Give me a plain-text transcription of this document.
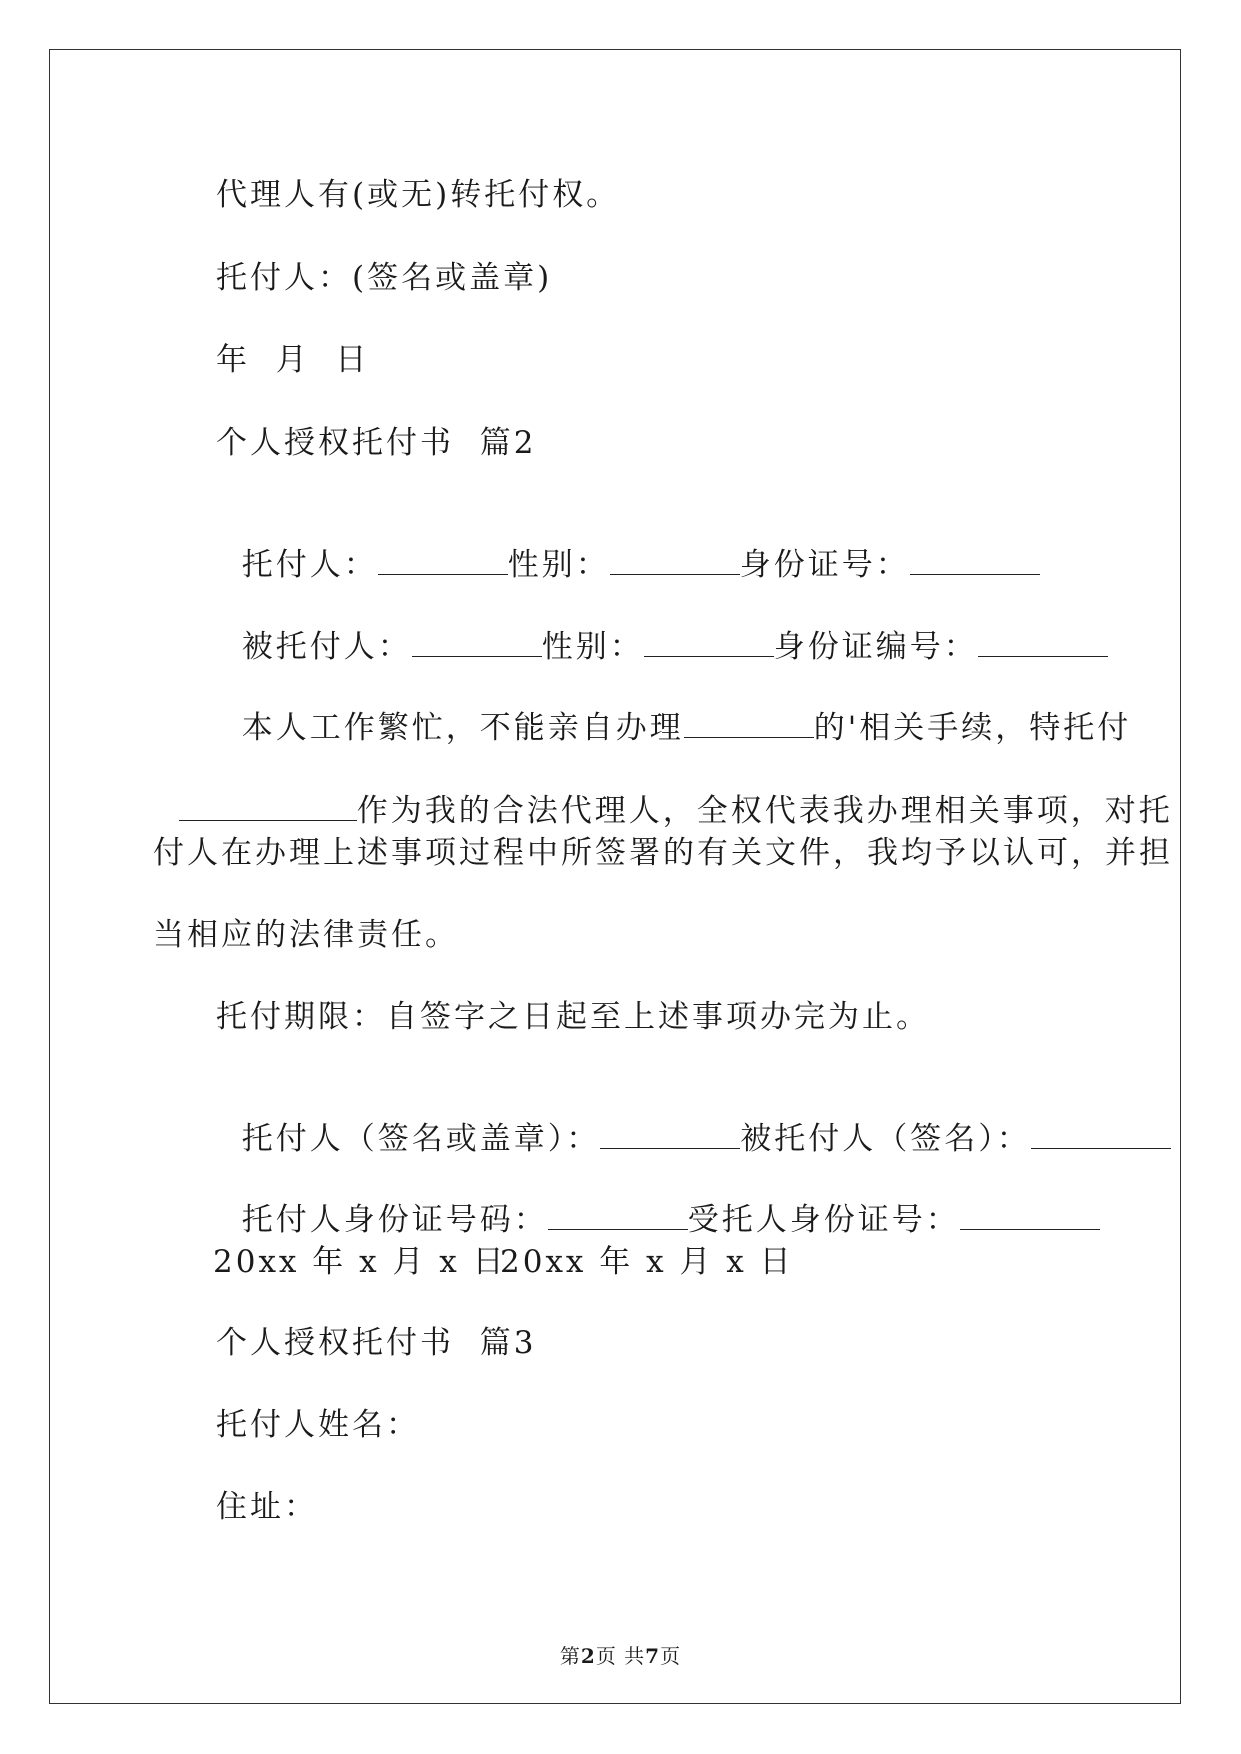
代理人有(或无)转托付权。
托付人：(签名或盖章)
年  月  日
个人授权托付书  篇2

托付人：	性别：	身份证号：

被托付人：	性别：	身份证编号：

本人工作繁忙，不能亲自办理	的'相关手续，特托付

作为我的合法代理人，全权代表我办理相关事项，对托

付人在办理上述事项过程中所签署的有关文件，我均予以认可，并担
当相应的法律责任。
托付期限：自签字之日起至上述事项办完为止。

托付人（签名或盖章）：	被托付人（签名）：

托付人身份证号码：	受托人身份证号：

20xx 年 x 月 x 日
20xx 年 x 月 x 日
个人授权托付书  篇3
托付人姓名：
住址：
第2页 共7页
